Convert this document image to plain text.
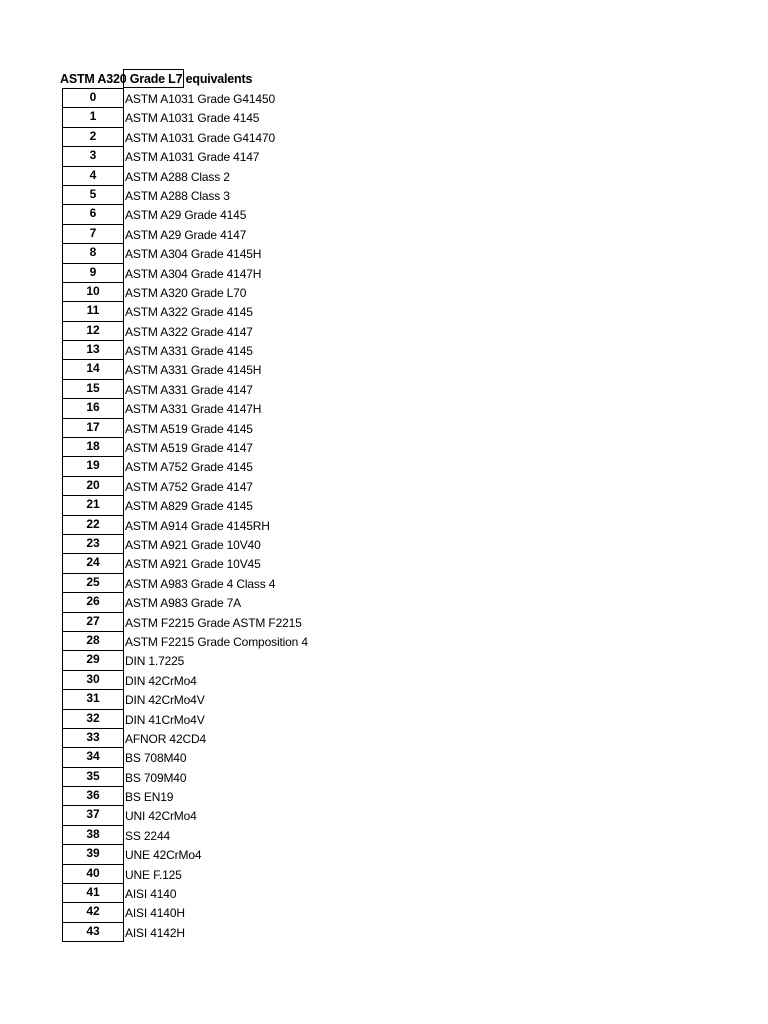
ASTM A320 Grade L7 equivalents
0	ASTM A1031 Grade G41450
1	ASTM A1031 Grade 4145
2	ASTM A1031 Grade G41470
3	ASTM A1031 Grade 4147
4	ASTM A288 Class 2
5	ASTM A288 Class 3
6	ASTM A29 Grade 4145
7	ASTM A29 Grade 4147
8	ASTM A304 Grade 4145H
9	ASTM A304 Grade 4147H
10	ASTM A320 Grade L70
11	ASTM A322 Grade 4145
12	ASTM A322 Grade 4147
13	ASTM A331 Grade 4145
14	ASTM A331 Grade 4145H
15	ASTM A331 Grade 4147
16	ASTM A331 Grade 4147H
17	ASTM A519 Grade 4145
18	ASTM A519 Grade 4147
19	ASTM A752 Grade 4145
20	ASTM A752 Grade 4147
21	ASTM A829 Grade 4145
22	ASTM A914 Grade 4145RH
23	ASTM A921 Grade 10V40
24	ASTM A921 Grade 10V45
25	ASTM A983 Grade 4 Class 4
26	ASTM A983 Grade 7A
27	ASTM F2215 Grade ASTM F2215
28	ASTM F2215 Grade Composition 4
29	DIN 1.7225
30	DIN 42CrMo4
31	DIN 42CrMo4V
32	DIN 41CrMo4V
33	AFNOR 42CD4
34	BS 708M40
35	BS 709M40
36	BS EN19
37	UNI 42CrMo4
38	SS 2244
39	UNE 42CrMo4
40	UNE F.125
41	AISI 4140
42	AISI 4140H
43	AISI 4142H
